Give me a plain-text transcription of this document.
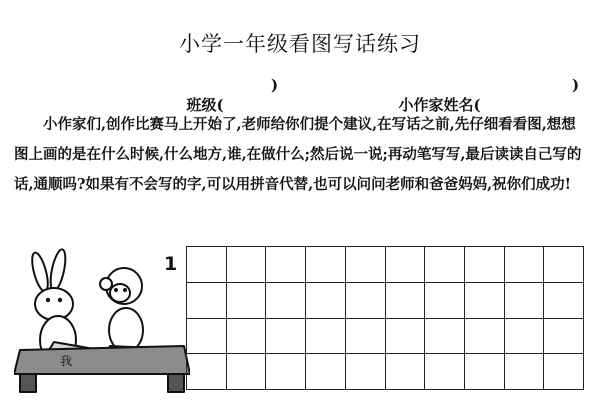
小学一年级看图写话练习

班级(

)

小作家姓名(

)

小作家们,创作比赛马上开始了,老师给你们提个建议,在写话之前,先仔细看看图,想想图上画的是在什么时候,什么地方,谁,在做什么;然后说一说;再动笔写写,最后读读自己写的话,通顺吗?如果有不会写的字,可以用拼音代替,也可以问问老师和爸爸妈妈,祝你们成功!

我
1
